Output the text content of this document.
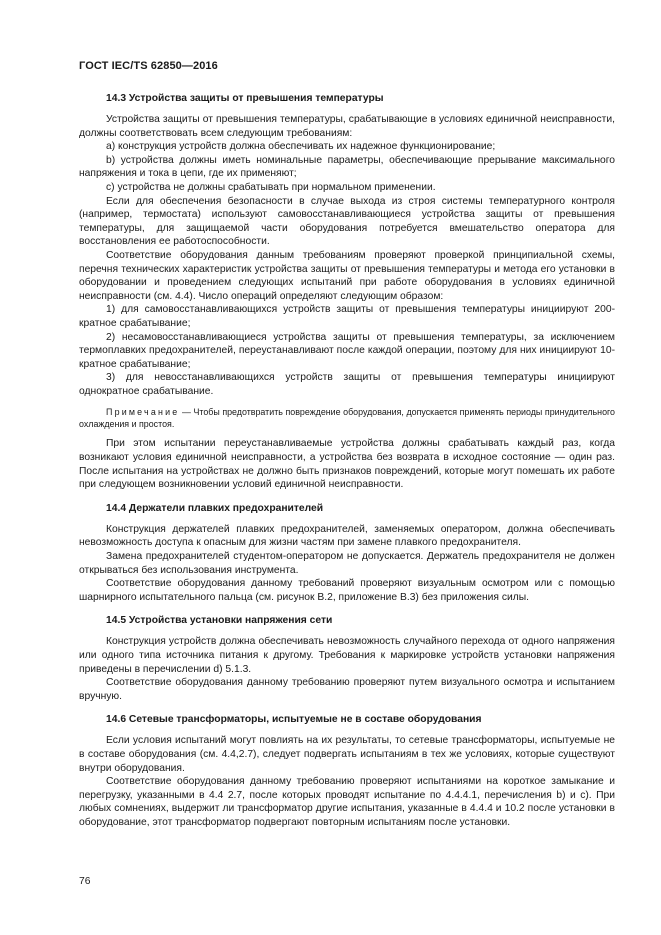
ГОСТ IEC/TS 62850—2016
14.3 Устройства защиты от превышения температуры

Устройства защиты от превышения температуры, срабатывающие в условиях единичной неисправности, должны соответствовать всем следующим требованиям:

a) конструкция устройств должна обеспечивать их надежное функционирование;

b) устройства должны иметь номинальные параметры, обеспечивающие прерывание максимального напряжения и тока в цепи, где их применяют;

c) устройства не должны срабатывать при нормальном применении.

Если для обеспечения безопасности в случае выхода из строя системы температурного контроля (например, термостата) используют самовосстанавливающиеся устройства защиты от превышения температуры, для защищаемой части оборудования потребуется вмешательство оператора для восстановления ее работоспособности.

Соответствие оборудования данным требованиям проверяют проверкой принципиальной схемы, перечня технических характеристик устройства защиты от превышения температуры и метода его установки в оборудовании и проведением следующих испытаний при работе оборудования в условиях единичной неисправности (см. 4.4). Число операций определяют следующим образом:

1) для самовосстанавливающихся устройств защиты от превышения температуры инициируют 200-кратное срабатывание;

2) несамовосстанавливающиеся устройства защиты от превышения температуры, за исключением термоплавких предохранителей, переустанавливают после каждой операции, поэтому для них инициируют 10-кратное срабатывание;

3) для невосстанавливающихся устройств защиты от превышения температуры инициируют однократное срабатывание.

Примечание — Чтобы предотвратить повреждение оборудования, допускается применять периоды принудительного охлаждения и простоя.

При этом испытании переустанавливаемые устройства должны срабатывать каждый раз, когда возникают условия единичной неисправности, а устройства без возврата в исходное состояние — один раз. После испытания на устройствах не должно быть признаков повреждений, которые могут помешать их работе при следующем возникновении условий единичной неисправности.

14.4 Держатели плавких предохранителей

Конструкция держателей плавких предохранителей, заменяемых оператором, должна обеспечивать невозможность доступа к опасным для жизни частям при замене плавкого предохранителя.

Замена предохранителей студентом-оператором не допускается. Держатель предохранителя не должен открываться без использования инструмента.

Соответствие оборудования данному требований проверяют визуальным осмотром или с помощью шарнирного испытательного пальца (см. рисунок В.2, приложение В.3) без приложения силы.

14.5 Устройства установки напряжения сети

Конструкция устройств должна обеспечивать невозможность случайного перехода от одного напряжения или одного типа источника питания к другому. Требования к маркировке устройств установки напряжения приведены в перечислении d) 5.1.3.

Соответствие оборудования данному требованию проверяют путем визуального осмотра и испытанием вручную.

14.6 Сетевые трансформаторы, испытуемые не в составе оборудования

Если условия испытаний могут повлиять на их результаты, то сетевые трансформаторы, испытуемые не в составе оборудования (см. 4.4,2.7), следует подвергать испытаниям в тех же условиях, которые существуют внутри оборудования.

Соответствие оборудования данному требованию проверяют испытаниями на короткое замыкание и перегрузку, указанными в 4.4 2.7, после которых проводят испытание по 4.4.4.1, перечисления b) и c). При любых сомнениях, выдержит ли трансформатор другие испытания, указанные в 4.4.4 и 10.2 после установки в оборудование, этот трансформатор подвергают повторным испытаниям после установки.

76
